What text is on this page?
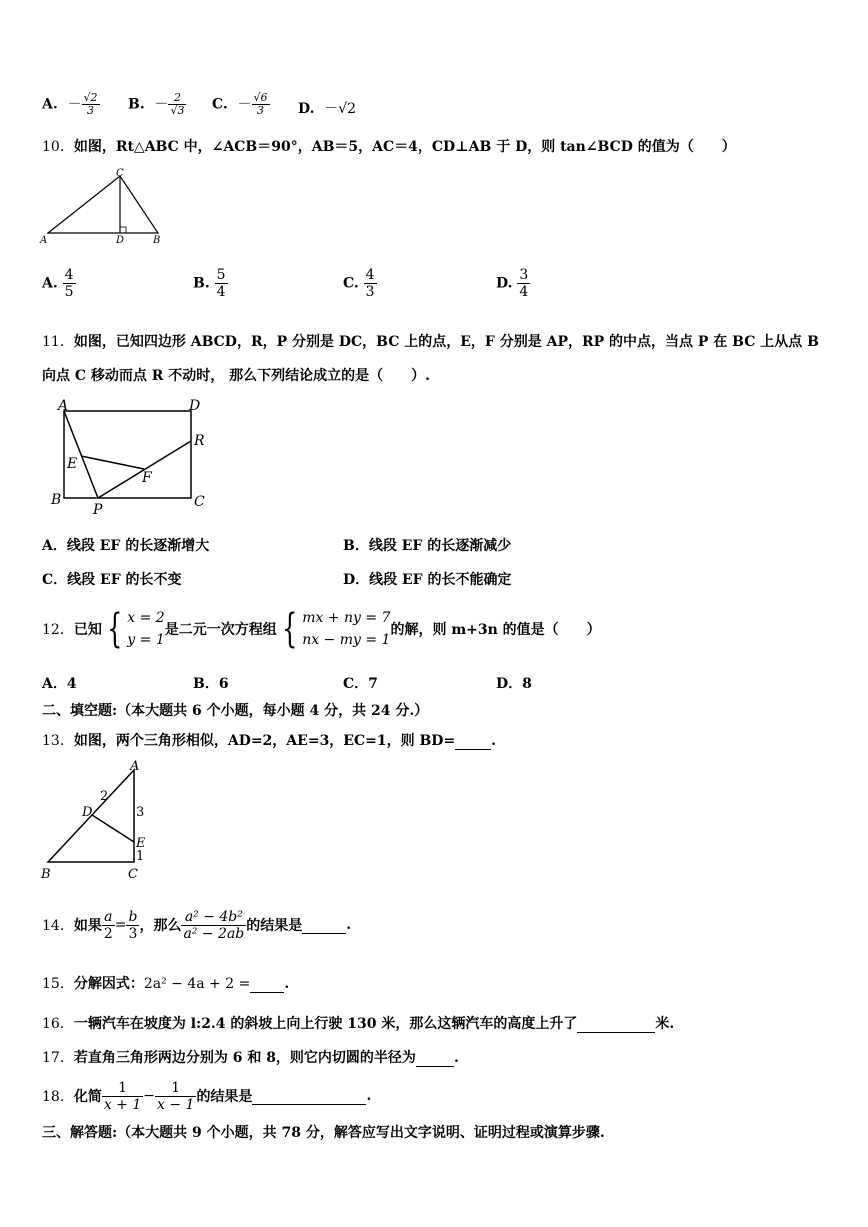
A. － $\frac{√2}{3} B$. － $\frac{2}{√3} C$. － $\frac{√6}{3} D$. －√2
10．如图，Rt△ABC 中，∠ACB＝90°，AB＝5，AC＝4，CD⊥AB 于 D，则 tan∠BCD 的值为（　　）
A
C
D	B
A. $\frac{4}{5}$	B. $\frac{5}{4}$	C. $\frac{4}{3}$	D. $\frac{3}{4}$
11．如图，已知四边形 ABCD，R，P 分别是 DC，BC 上的点，E，F 分别是 AP，RP 的中点，当点 P 在 BC 上从点 B
向点 C 移动而点 R 不动时， 那么下列结论成立的是（　　）.
A	D
R
E
F
B
P	C
A．线段 EF 的长逐渐增大	B．线段 EF 的长逐渐减少
C．线段 EF 的长不变	D．线段 EF 的长不能确定
12． 已知 { x = 2
y = 1
是二元一次方程组 { mx + ny = 7
nx − my = 1
的解，则 m+3n 的值是（　　）
A．4	B．6	C．7	D．8
二、填空题:（本大题共 6 个小题，每小题 4 分，共 24 分.）
13．如图，两个三角形相似，AD=2，AE=3，EC=1，则 BD=	.
A
D
2
3
E
1
B	C
14． 如果 $\frac{a}{2} = \frac{b}{3}$ ，那么 $\frac{\text{a² − 4b²}}{\text{a² − 2ab}}$ 的结果是
	.
15．分解因式：2a² − 4a + 2 = .
16．一辆汽车在坡度为 l:2.4 的斜坡上向上行驶 130 米，那么这辆汽车的高度上升了	米.
17．若直角三角形两边分别为 6 和 8，则它内切圆的半径为	.
18． 化简 $\frac{1}{x + 1} - \frac{1}{x - 1}$ 的结果是
	.
三、解答题:（本大题共 9 个小题，共 78 分，解答应写出文字说明、证明过程或演算步骤.
